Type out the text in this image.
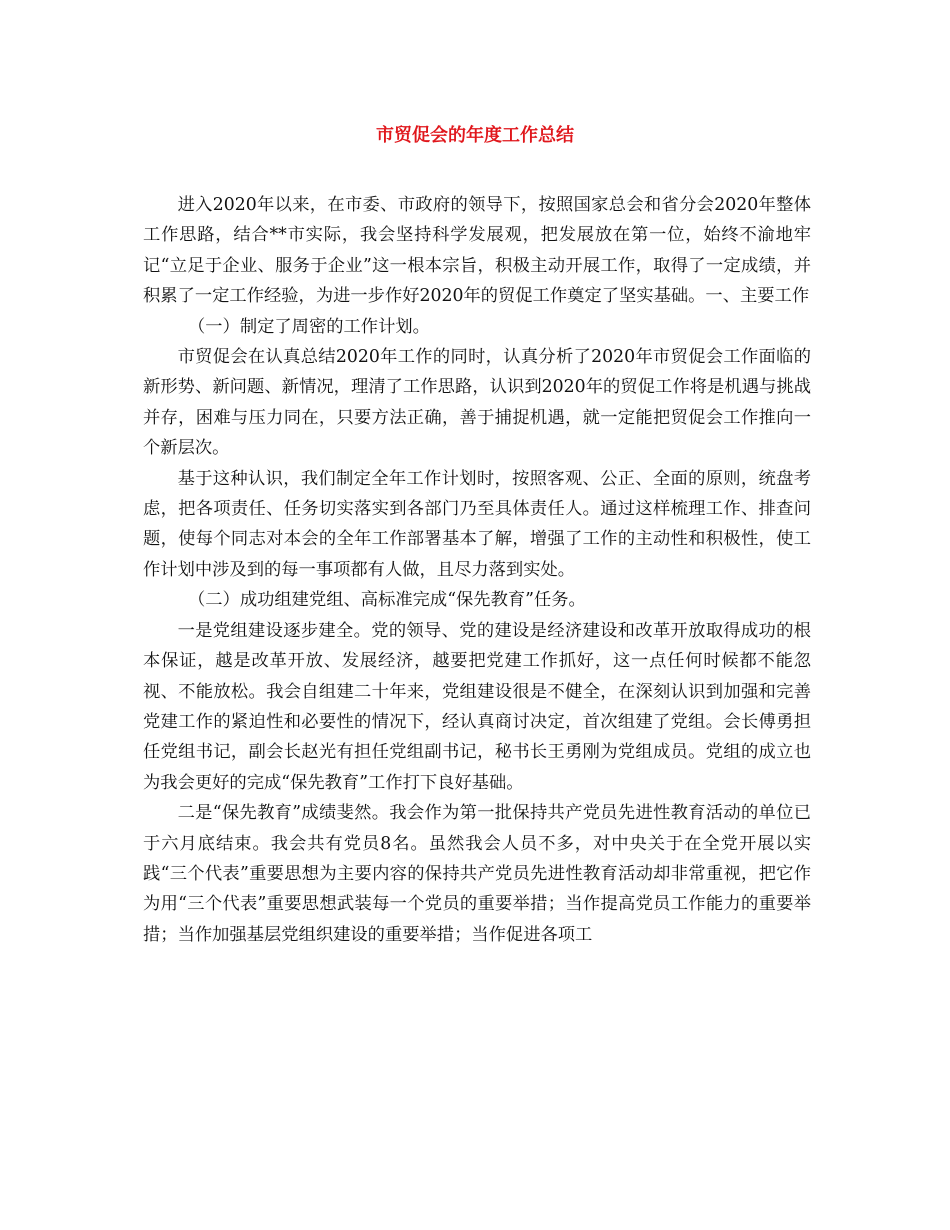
市贸促会的年度工作总结

进入2020年以来，在市委、市政府的领导下，按照国家总会和省分会2020年整体工作思路，结合**市实际，我会坚持科学发展观，把发展放在第一位，始终不渝地牢记“立足于企业、服务于企业”这一根本宗旨，积极主动开展工作，取得了一定成绩，并积累了一定工作经验，为进一步作好2020年的贸促工作奠定了坚实基础。一、主要工作

（一）制定了周密的工作计划。

市贸促会在认真总结2020年工作的同时，认真分析了2020年市贸促会工作面临的新形势、新问题、新情况，理清了工作思路，认识到2020年的贸促工作将是机遇与挑战并存，困难与压力同在，只要方法正确，善于捕捉机遇，就一定能把贸促会工作推向一个新层次。

基于这种认识，我们制定全年工作计划时，按照客观、公正、全面的原则，统盘考虑，把各项责任、任务切实落实到各部门乃至具体责任人。通过这样梳理工作、排查问题，使每个同志对本会的全年工作部署基本了解，增强了工作的主动性和积极性，使工作计划中涉及到的每一事项都有人做，且尽力落到实处。

（二）成功组建党组、高标准完成“保先教育”任务。

一是党组建设逐步建全。党的领导、党的建设是经济建设和改革开放取得成功的根本保证，越是改革开放、发展经济，越要把党建工作抓好，这一点任何时候都不能忽视、不能放松。我会自组建二十年来，党组建设很是不健全，在深刻认识到加强和完善党建工作的紧迫性和必要性的情况下，经认真商讨决定，首次组建了党组。会长傅勇担任党组书记，副会长赵光有担任党组副书记，秘书长王勇刚为党组成员。党组的成立也为我会更好的完成“保先教育”工作打下良好基础。

二是“保先教育”成绩斐然。我会作为第一批保持共产党员先进性教育活动的单位已于六月底结束。我会共有党员8名。虽然我会人员不多，对中央关于在全党开展以实践“三个代表”重要思想为主要内容的保持共产党员先进性教育活动却非常重视，把它作为用“三个代表”重要思想武装每一个党员的重要举措；当作提高党员工作能力的重要举措；当作加强基层党组织建设的重要举措；当作促进各项工
